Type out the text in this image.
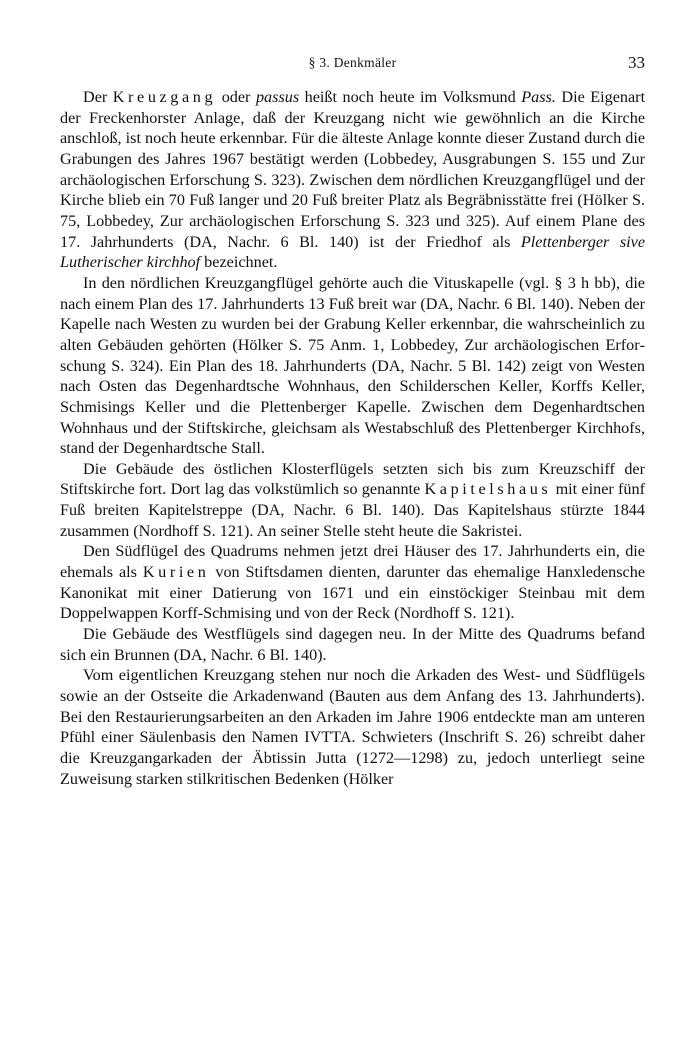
§ 3. Denkmäler	33

Der Kreuzgang oder passus heißt noch heute im Volksmund Pass. Die Eigenart der Freckenhorster Anlage, daß der Kreuzgang nicht wie gewöhnlich an die Kirche anschloß, ist noch heute erkennbar. Für die älteste Anlage konnte dieser Zustand durch die Grabungen des Jahres 1967 bestätigt werden (Lobbedey, Ausgrabungen S. 155 und Zur archäologischen Erforschung S. 323). Zwischen dem nördlichen Kreuzgangflügel und der Kirche blieb ein 70 Fuß langer und 20 Fuß breiter Platz als Begräbnisstätte frei (Hölker S. 75, Lobbedey, Zur archäologischen Erforschung S. 323 und 325). Auf einem Plane des 17. Jahrhunderts (DA, Nachr. 6 Bl. 140) ist der Friedhof als Plettenberger sive Lutherischer kirchhof bezeichnet.

In den nördlichen Kreuzgangflügel gehörte auch die Vituskapelle (vgl. § 3 h bb), die nach einem Plan des 17. Jahrhunderts 13 Fuß breit war (DA, Nachr. 6 Bl. 140). Neben der Kapelle nach Westen zu wurden bei der Grabung Keller erkennbar, die wahrscheinlich zu alten Gebäuden gehörten (Hölker S. 75 Anm. 1, Lobbedey, Zur archäologischen Erforschung S. 324). Ein Plan des 18. Jahrhunderts (DA, Nachr. 5 Bl. 142) zeigt von Westen nach Osten das Degenhardtsche Wohnhaus, den Schilderschen Keller, Korffs Keller, Schmisings Keller und die Plettenberger Kapelle. Zwischen dem Degenhardtschen Wohnhaus und der Stiftskirche, gleichsam als Westabschluß des Plettenberger Kirchhofs, stand der Degenhardtsche Stall.

Die Gebäude des östlichen Klosterflügels setzten sich bis zum Kreuzschiff der Stiftskirche fort. Dort lag das volkstümlich so genannte Kapitelshaus mit einer fünf Fuß breiten Kapitelstreppe (DA, Nachr. 6 Bl. 140). Das Kapitelshaus stürzte 1844 zusammen (Nordhoff S. 121). An seiner Stelle steht heute die Sakristei.

Den Südflügel des Quadrums nehmen jetzt drei Häuser des 17. Jahrhunderts ein, die ehemals als Kurien von Stiftsdamen dienten, darunter das ehemalige Hanxledensche Kanonikat mit einer Datierung von 1671 und ein einstöckiger Steinbau mit dem Doppelwappen Korff-Schmising und von der Reck (Nordhoff S. 121).

Die Gebäude des Westflügels sind dagegen neu. In der Mitte des Quadrums befand sich ein Brunnen (DA, Nachr. 6 Bl. 140).

Vom eigentlichen Kreuzgang stehen nur noch die Arkaden des West- und Südflügels sowie an der Ostseite die Arkadenwand (Bauten aus dem Anfang des 13. Jahrhunderts). Bei den Restaurierungsarbeiten an den Arkaden im Jahre 1906 entdeckte man am unteren Pfühl einer Säulenbasis den Namen IVTTA. Schwieters (Inschrift S. 26) schreibt daher die Kreuzgangarkaden der Äbtissin Jutta (1272—1298) zu, jedoch unterliegt seine Zuweisung starken stilkritischen Bedenken (Hölker
